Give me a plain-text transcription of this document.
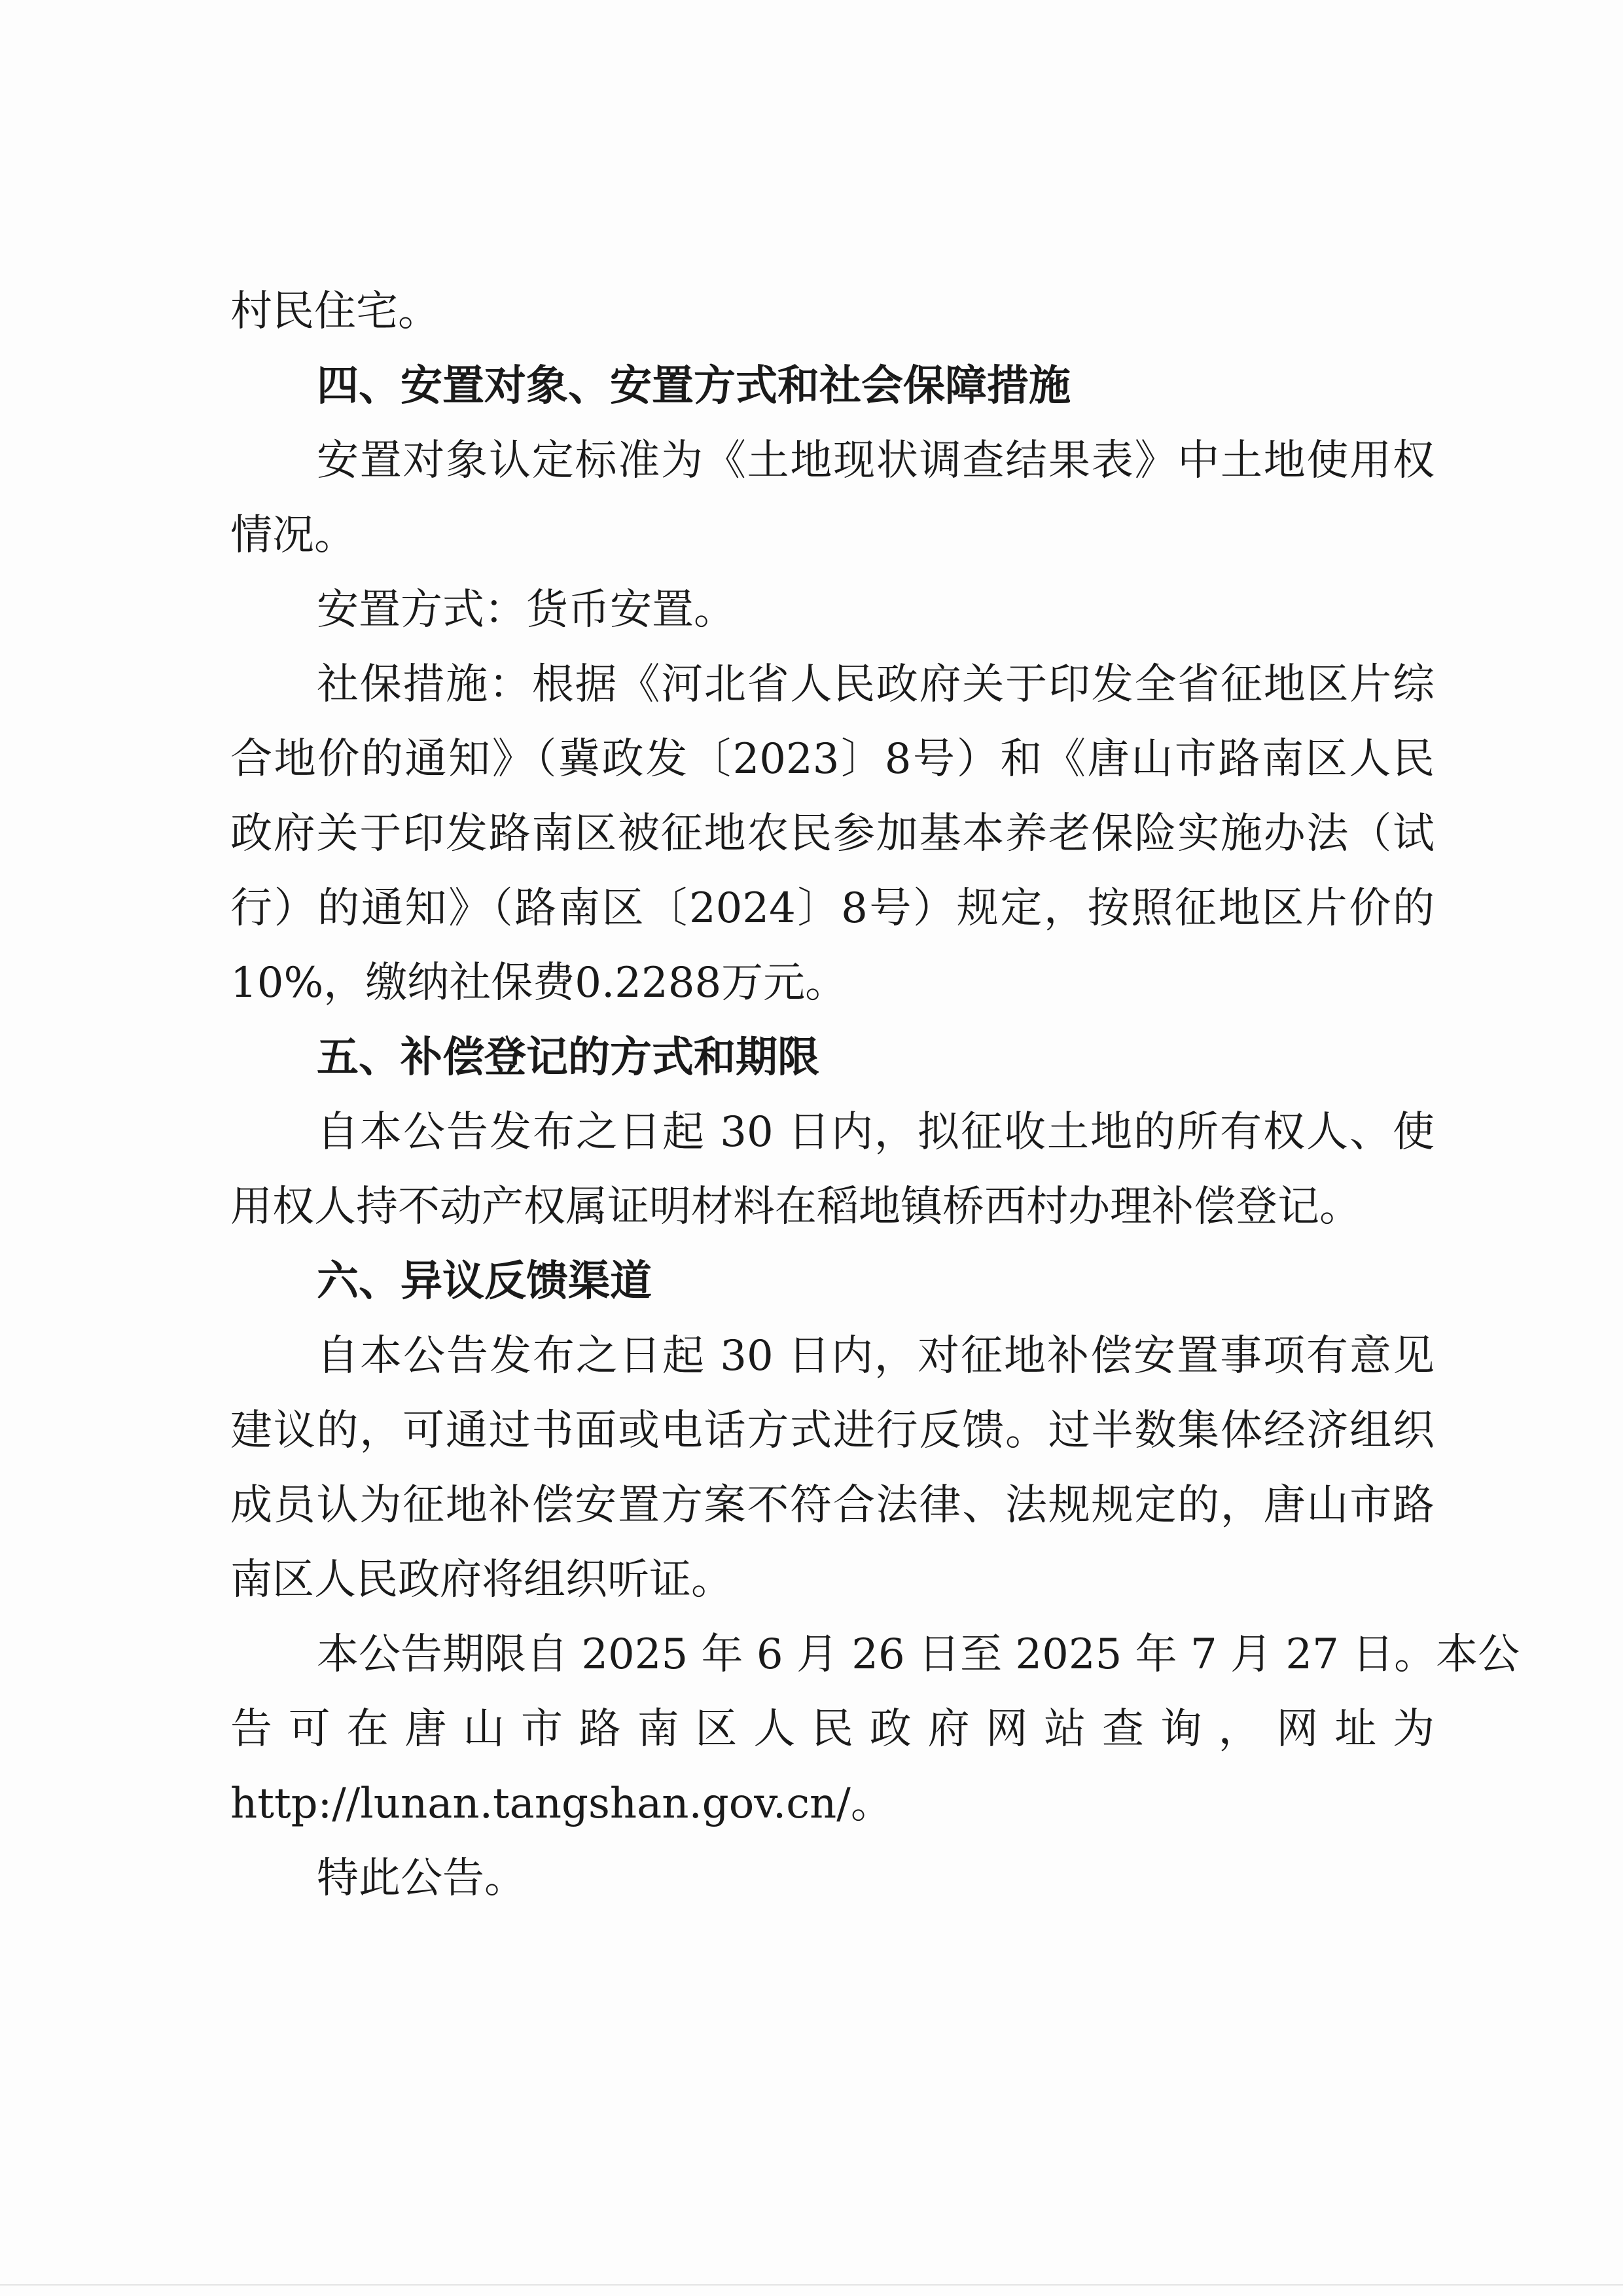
村民住宅。
四、安置对象、安置方式和社会保障措施
安置对象认定标准为《土地现状调查结果表》中土地使用权
情况。
安置方式：货币安置。
社保措施：根据《河北省人民政府关于印发全省征地区片综
合地价的通知》（冀政发〔2023〕8号）和《唐山市路南区人民
政府关于印发路南区被征地农民参加基本养老保险实施办法（试
行）的通知》（路南区〔2024〕8号）规定，按照征地区片价的
10%，缴纳社保费0.2288万元。
五、补偿登记的方式和期限
自本公告发布之日起 30 日内，拟征收土地的所有权人、使
用权人持不动产权属证明材料在稻地镇桥西村办理补偿登记。
六、异议反馈渠道
自本公告发布之日起 30 日内，对征地补偿安置事项有意见
建议的，可通过书面或电话方式进行反馈。过半数集体经济组织
成员认为征地补偿安置方案不符合法律、法规规定的，唐山市路
南区人民政府将组织听证。
本公告期限自 2025 年 6 月 26 日至 2025 年 7 月 27 日。本公
告可在唐山市路南区人民政府网站查询，网址为
http://lunan.tangshan.gov.cn/。
特此公告。
